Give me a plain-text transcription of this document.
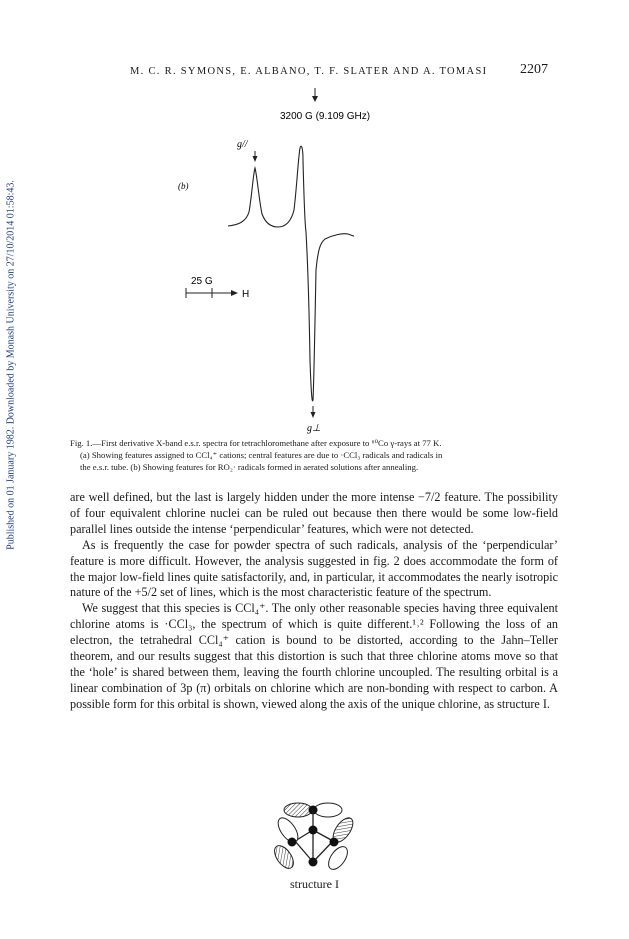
Published on 01 January 1982. Downloaded by Monash University on 27/10/2014 01:58:43.
M. C. R. SYMONS, E. ALBANO, T. F. SLATER AND A. TOMASI 2207
3200 G (9.109 GHz)
g//
(b)
25 G
H
g⊥

Fig. 1.—First derivative X-band e.s.r. spectra for tetrachloromethane after exposure to ⁶⁰Co γ-rays at 77 K.

(a) Showing features assigned to CCl₄⁺ cations; central features are due to ·CCl₃ radicals and radicals in

the e.s.r. tube. (b) Showing features for RO₂· radicals formed in aerated solutions after annealing.

are well defined, but the last is largely hidden under the more intense −7/2 feature. The possibility of four equivalent chlorine nuclei can be ruled out because then there would be some low-field parallel lines outside the intense ‘perpendicular’ features, which were not detected.

As is frequently the case for powder spectra of such radicals, analysis of the ‘perpendicular’ feature is more difficult. However, the analysis suggested in fig. 2 does accommodate the form of the major low-field lines quite satisfactorily, and, in particular, it accommodates the nearly isotropic nature of the +5/2 set of lines, which is the most characteristic feature of the spectrum.

We suggest that this species is CCl₄⁺. The only other reasonable species having three equivalent chlorine atoms is ·CCl₃, the spectrum of which is quite different.¹˒² Following the loss of an electron, the tetrahedral CCl₄⁺ cation is bound to be distorted, according to the Jahn–Teller theorem, and our results suggest that this distortion is such that three chlorine atoms move so that the ‘hole’ is shared between them, leaving the fourth chlorine uncoupled. The resulting orbital is a linear combination of 3p (π) orbitals on chlorine which are non-bonding with respect to carbon. A possible form for this orbital is shown, viewed along the axis of the unique chlorine, as structure I.

structure I
